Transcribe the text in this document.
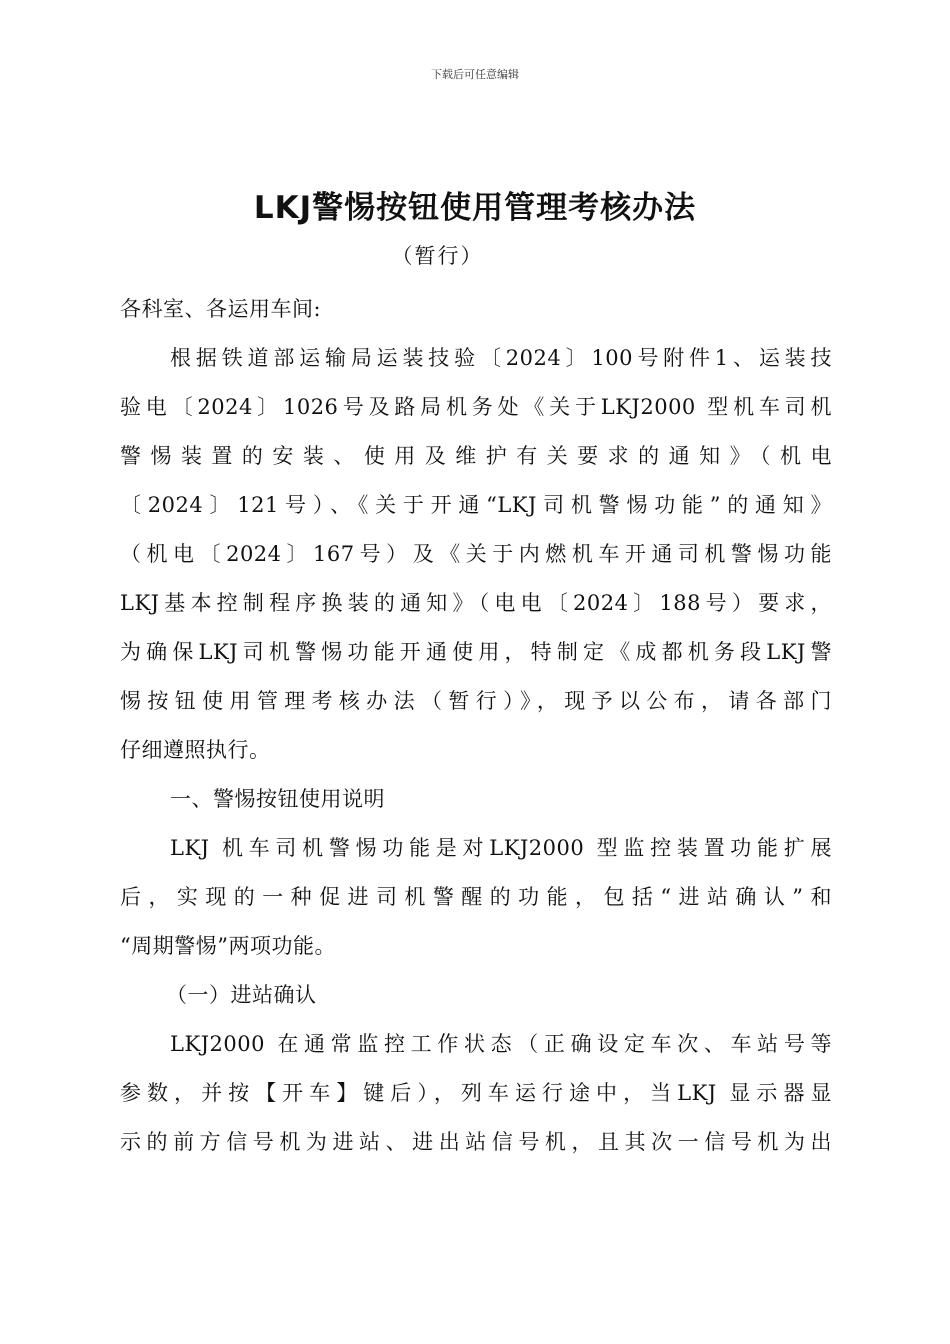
下载后可任意编辑
LKJ警惕按钮使用管理考核办法
（暂行）
各科室、各运用车间:
根据铁道部运输局运装技验〔2024〕100号附件1、运装技
验电〔2024〕1026号及路局机务处《关于LKJ2000 型机车司机
警惕装置的安装、使用及维护有关要求的通知》（机电
〔2024〕121号）、《关于开通“LKJ司机警惕功能”的通知》
（机电〔2024〕167号）及《关于内燃机车开通司机警惕功能
LKJ基本控制程序换装的通知》（电电〔2024〕188号）要求，
为确保LKJ司机警惕功能开通使用，特制定《成都机务段LKJ警
惕按钮使用管理考核办法（暂行）》，现予以公布，请各部门
仔细遵照执行。
一、警惕按钮使用说明
LKJ 机车司机警惕功能是对LKJ2000 型监控装置功能扩展
后，实现的一种促进司机警醒的功能，包括“进站确认”和
“周期警惕”两项功能。
（一）进站确认
LKJ2000 在通常监控工作状态（正确设定车次、车站号等
参数，并按【开车】键后），列车运行途中，当LKJ 显示器显
示的前方信号机为进站、进出站信号机，且其次一信号机为出
